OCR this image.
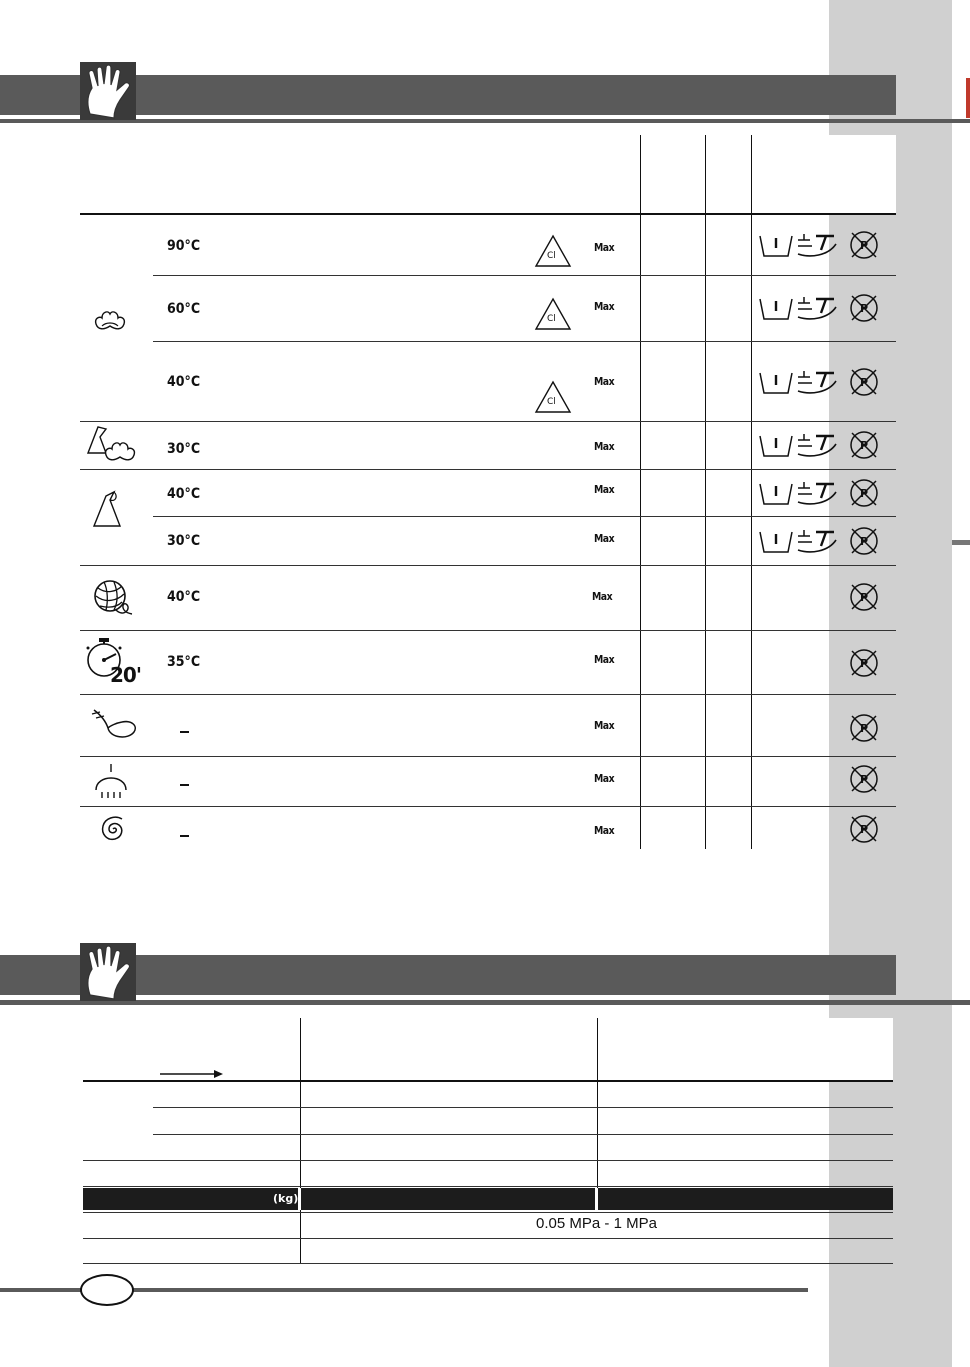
20'
90°C
60°C
40°C
30°C
40°C
30°C
40°C
35°C
Cl
Cl
Cl
Max
Max
Max
Max
Max
Max
Max
Max
Max
Max
Max
P
P
P
P
P
P
P
P
P
P
P
(kg)
0.05 MPa - 1 MPa
